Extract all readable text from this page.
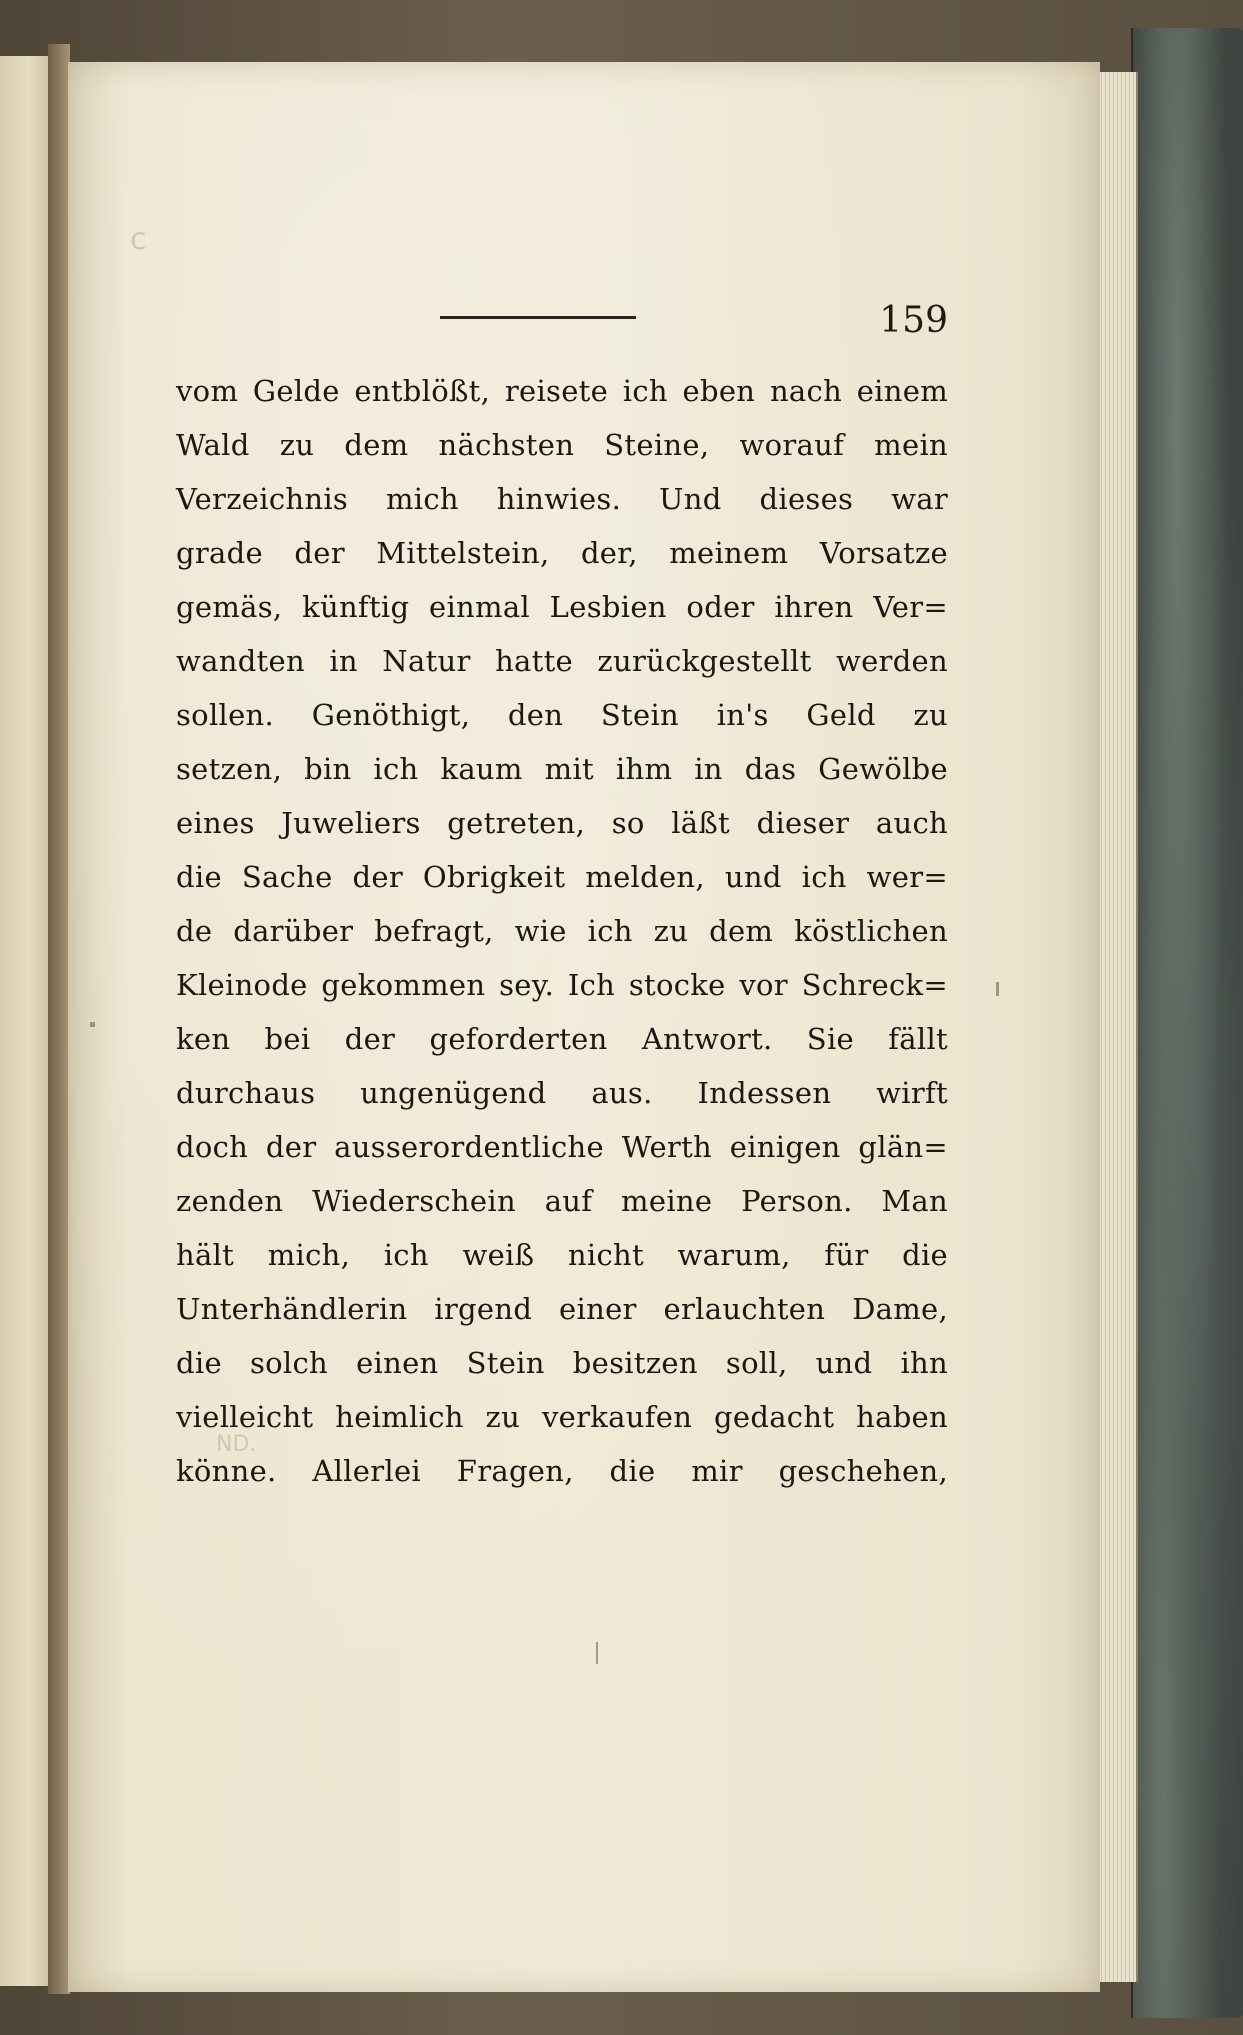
c
ND.
159
vom Gelde entblößt, reisete ich eben nach einem
Wald zu dem nächsten Steine, worauf mein
Verzeichnis mich hinwies. Und dieses war
grade der Mittelstein, der, meinem Vorsatze
gemäs, künftig einmal Lesbien oder ihren Ver=
wandten in Natur hatte zurückgestellt werden
sollen. Genöthigt, den Stein in's Geld zu
setzen, bin ich kaum mit ihm in das Gewölbe
eines Juweliers getreten, so läßt dieser auch
die Sache der Obrigkeit melden, und ich wer=
de darüber befragt, wie ich zu dem köstlichen
Kleinode gekommen sey. Ich stocke vor Schreck=
ken bei der geforderten Antwort. Sie fällt
durchaus ungenügend aus. Indessen wirft
doch der ausserordentliche Werth einigen glän=
zenden Wiederschein auf meine Person. Man
hält mich, ich weiß nicht warum, für die
Unterhändlerin irgend einer erlauchten Dame,
die solch einen Stein besitzen soll, und ihn
vielleicht heimlich zu verkaufen gedacht haben
könne. Allerlei Fragen, die mir geschehen,
